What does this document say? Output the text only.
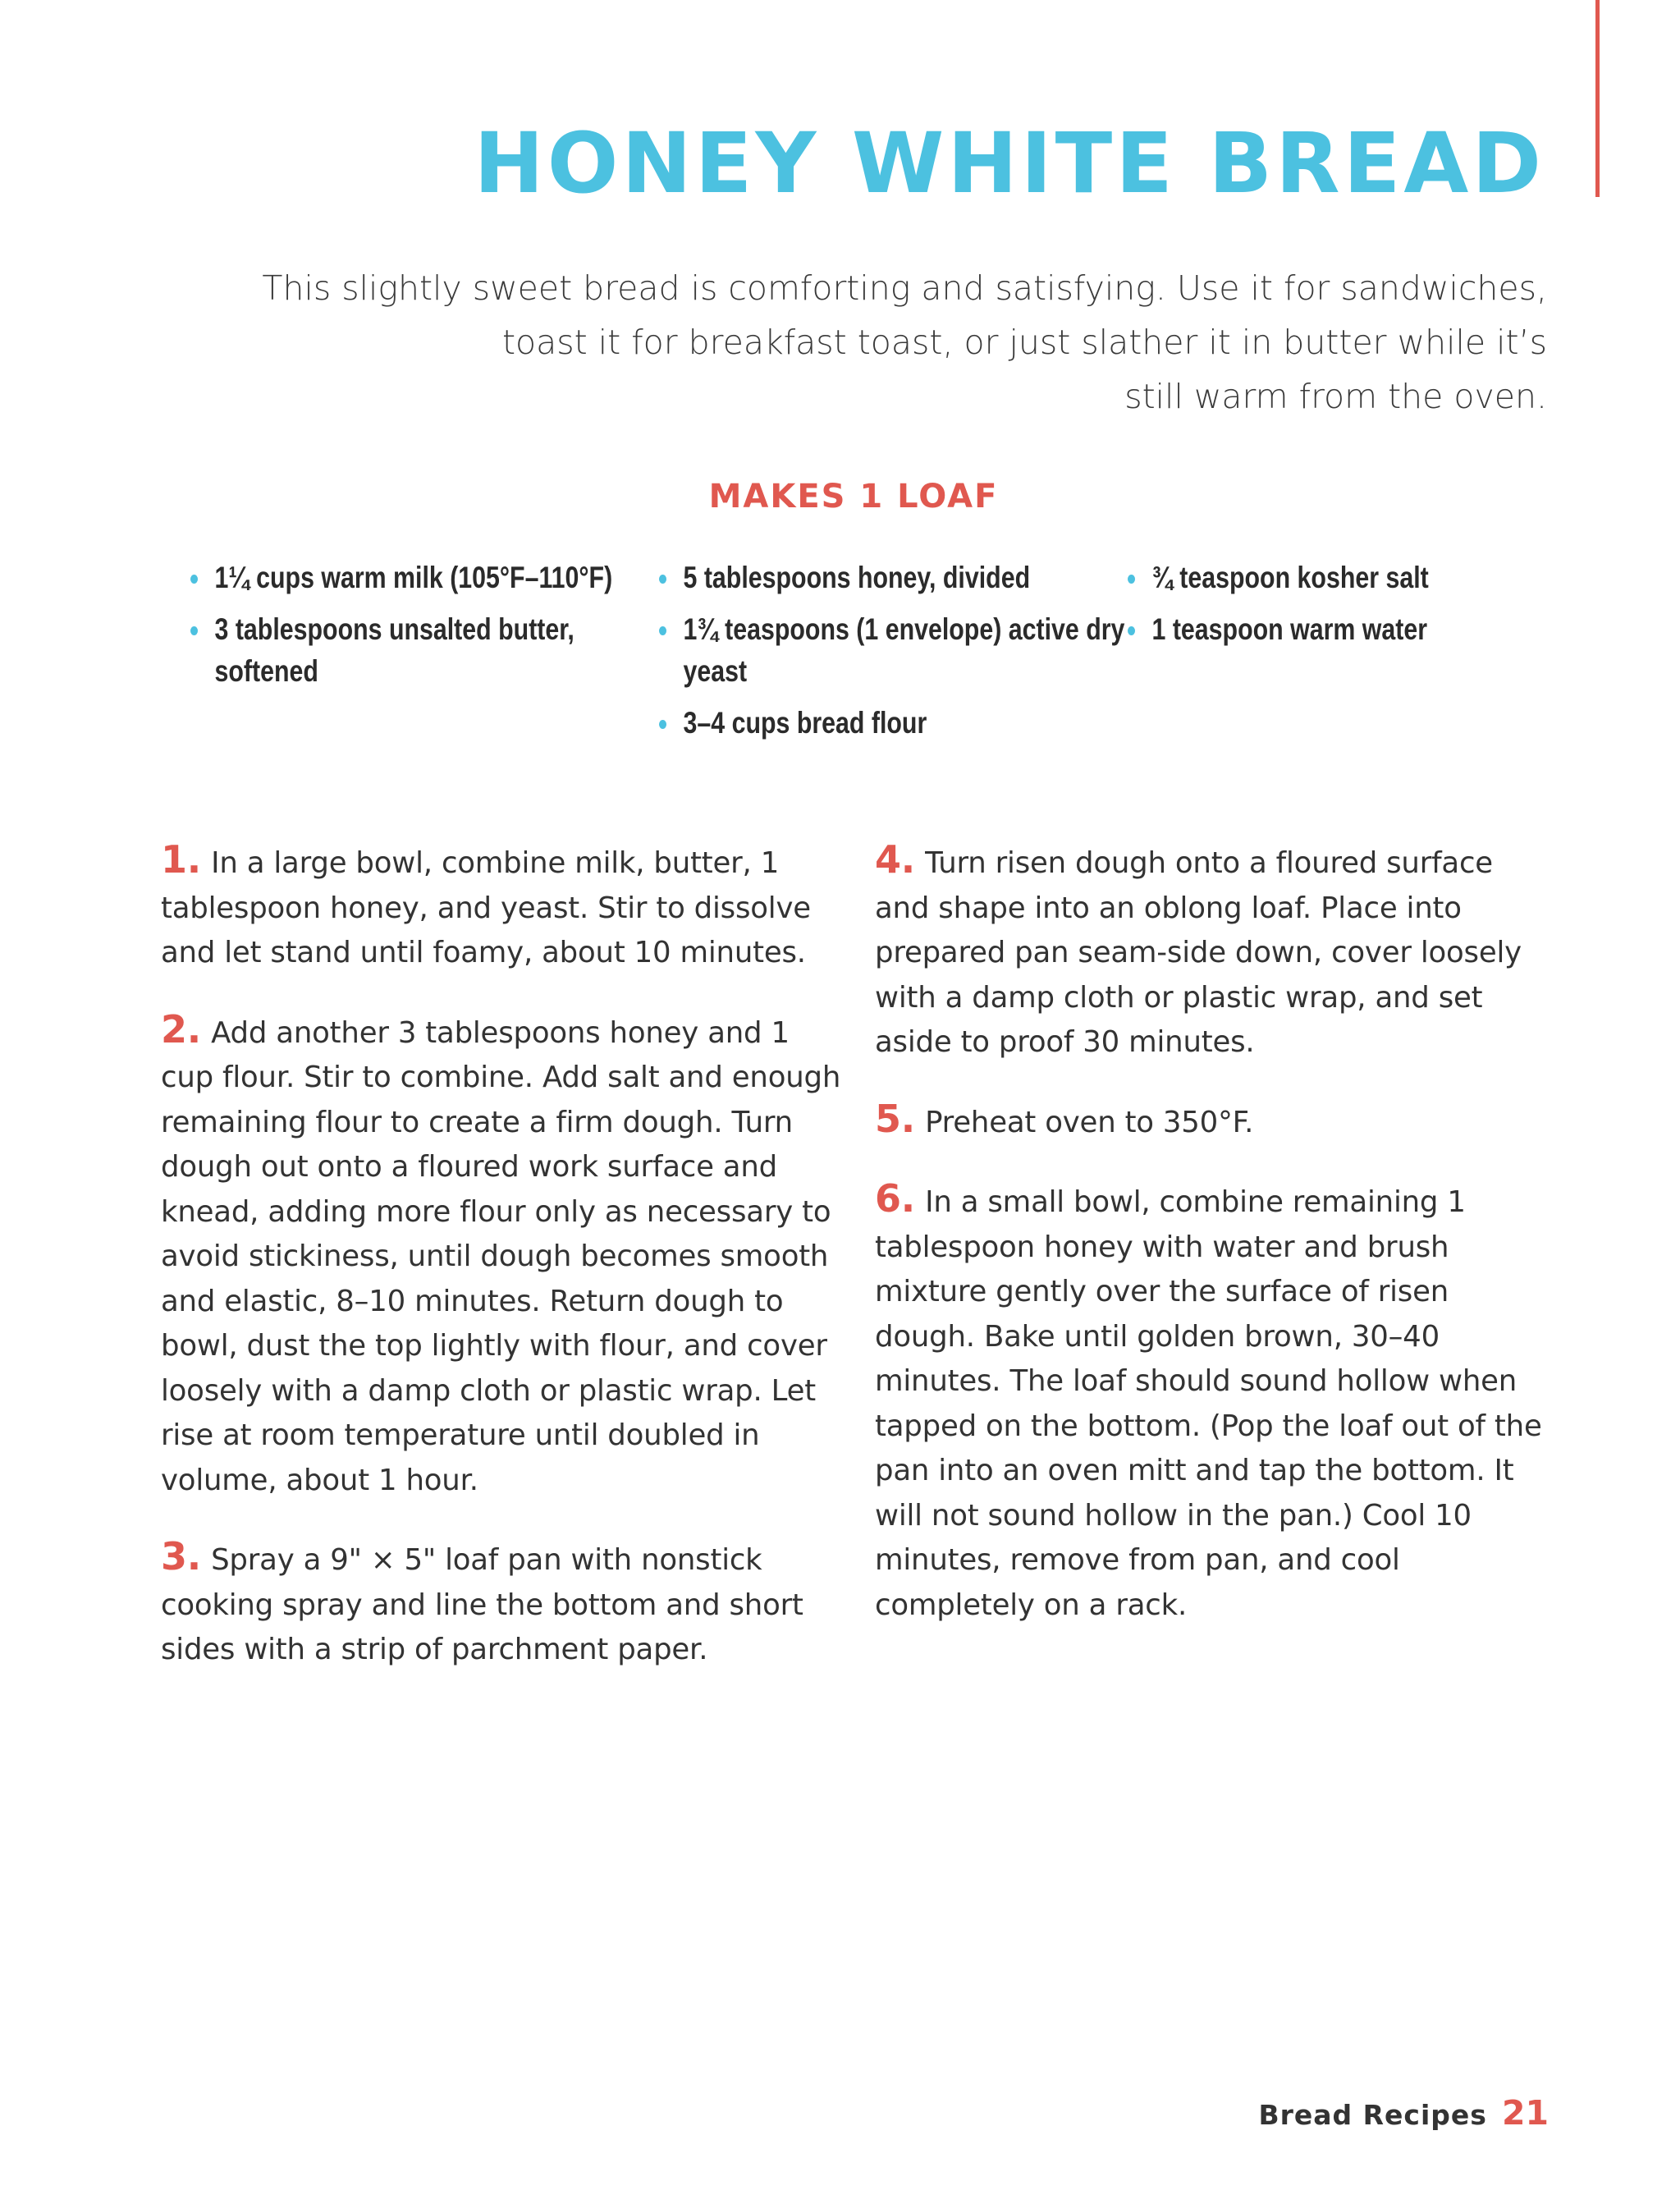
HONEY WHITE BREAD

This slightly sweet bread is comforting and satisfying. Use it for sandwiches,
toast it for breakfast toast, or just slather it in butter while it’s
still warm from the oven.

MAKES 1 LOAF
1¼ cups warm milk (105°F–110°F)
3 tablespoons unsalted butter, softened
5 tablespoons honey, divided
1¾ teaspoons (1 envelope) active dry yeast
3–4 cups bread flour
¾ teaspoon kosher salt
1 teaspoon warm water
1. In a large bowl, combine milk, butter, 1 tablespoon honey, and yeast. Stir to dissolve and let stand until foamy, about 10 minutes.
2. Add another 3 tablespoons honey and 1 cup flour. Stir to combine. Add salt and enough remaining flour to create a firm dough. Turn dough out onto a floured work surface and knead, adding more flour only as necessary to avoid stickiness, until dough becomes smooth and elastic, 8–10 minutes. Return dough to bowl, dust the top lightly with flour, and cover loosely with a damp cloth or plastic wrap. Let rise at room temperature until doubled in volume, about 1 hour.
3. Spray a 9" × 5" loaf pan with nonstick cooking spray and line the bottom and short sides with a strip of parchment paper.
4. Turn risen dough onto a floured surface and shape into an oblong loaf. Place into prepared pan seam-side down, cover loosely with a damp cloth or plastic wrap, and set aside to proof 30 minutes.
5. Preheat oven to 350°F.
6. In a small bowl, combine remaining 1 tablespoon honey with water and brush mixture gently over the surface of risen dough. Bake until golden brown, 30–40 minutes. The loaf should sound hollow when tapped on the bottom. (Pop the loaf out of the pan into an oven mitt and tap the bottom. It will not sound hollow in the pan.) Cool 10 minutes, remove from pan, and cool completely on a rack.
Bread Recipes 21
